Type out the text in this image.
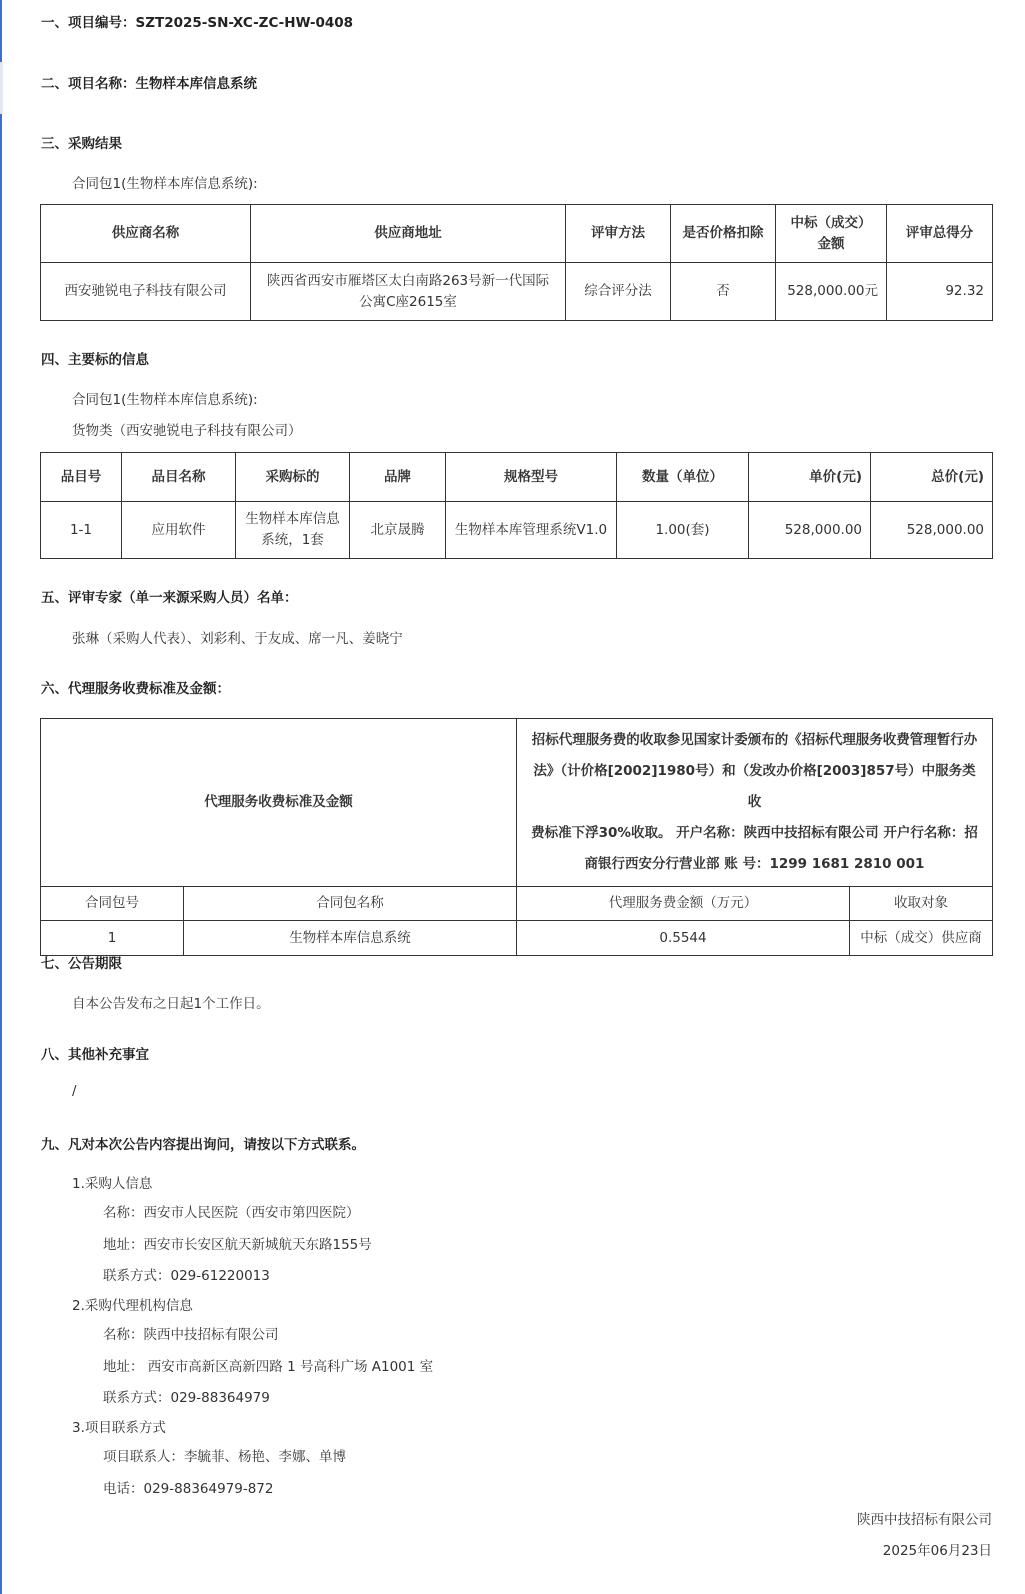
一、项目编号：SZT2025-SN-XC-ZC-HW-0408
二、项目名称：生物样本库信息系统
三、采购结果
合同包1(生物样本库信息系统):
供应商名称	供应商地址	评审方法	是否价格扣除	中标（成交）
金额	评审总得分
西安驰锐电子科技有限公司	陕西省西安市雁塔区太白南路263号新一代国际
公寓C座2615室	综合评分法	否	528,000.00元	92.32
四、主要标的信息
合同包1(生物样本库信息系统):
货物类（西安驰锐电子科技有限公司）
品目号	品目名称	采购标的	品牌	规格型号	数量（单位）	单价(元)	总价(元)
1-1	应用软件	生物样本库信息
系统，1套	北京晟腾	生物样本库管理系统V1.0	1.00(套)	528,000.00	528,000.00
五、评审专家（单一来源采购人员）名单：
张琳（采购人代表）、刘彩利、于友成、席一凡、姜晓宁
六、代理服务收费标准及金额：
代理服务收费标准及金额		招标代理服务费的收取参见国家计委颁布的《招标代理服务收费管理暂行办
法》（计价格[2002]1980号）和（发改办价格[2003]857号）中服务类收
费标准下浮30%收取。 开户名称：陕西中技招标有限公司 开户行名称：招
商银行西安分行营业部 账 号：1299 1681 2810 001	
合同包号	合同包名称	代理服务费金额（万元）	收取对象
1	生物样本库信息系统	0.5544	中标（成交）供应商
七、公告期限
自本公告发布之日起1个工作日。
八、其他补充事宜
/
九、凡对本次公告内容提出询问，请按以下方式联系。
1.采购人信息
名称：西安市人民医院（西安市第四医院）
地址：西安市长安区航天新城航天东路155号
联系方式：029-61220013
2.采购代理机构信息
名称：陕西中技招标有限公司
地址： 西安市高新区高新四路 1 号高科广场 A1001 室
联系方式：029-88364979
3.项目联系方式
项目联系人：李毓菲、杨艳、李娜、单博
电话：029-88364979-872
陕西中技招标有限公司
2025年06月23日
